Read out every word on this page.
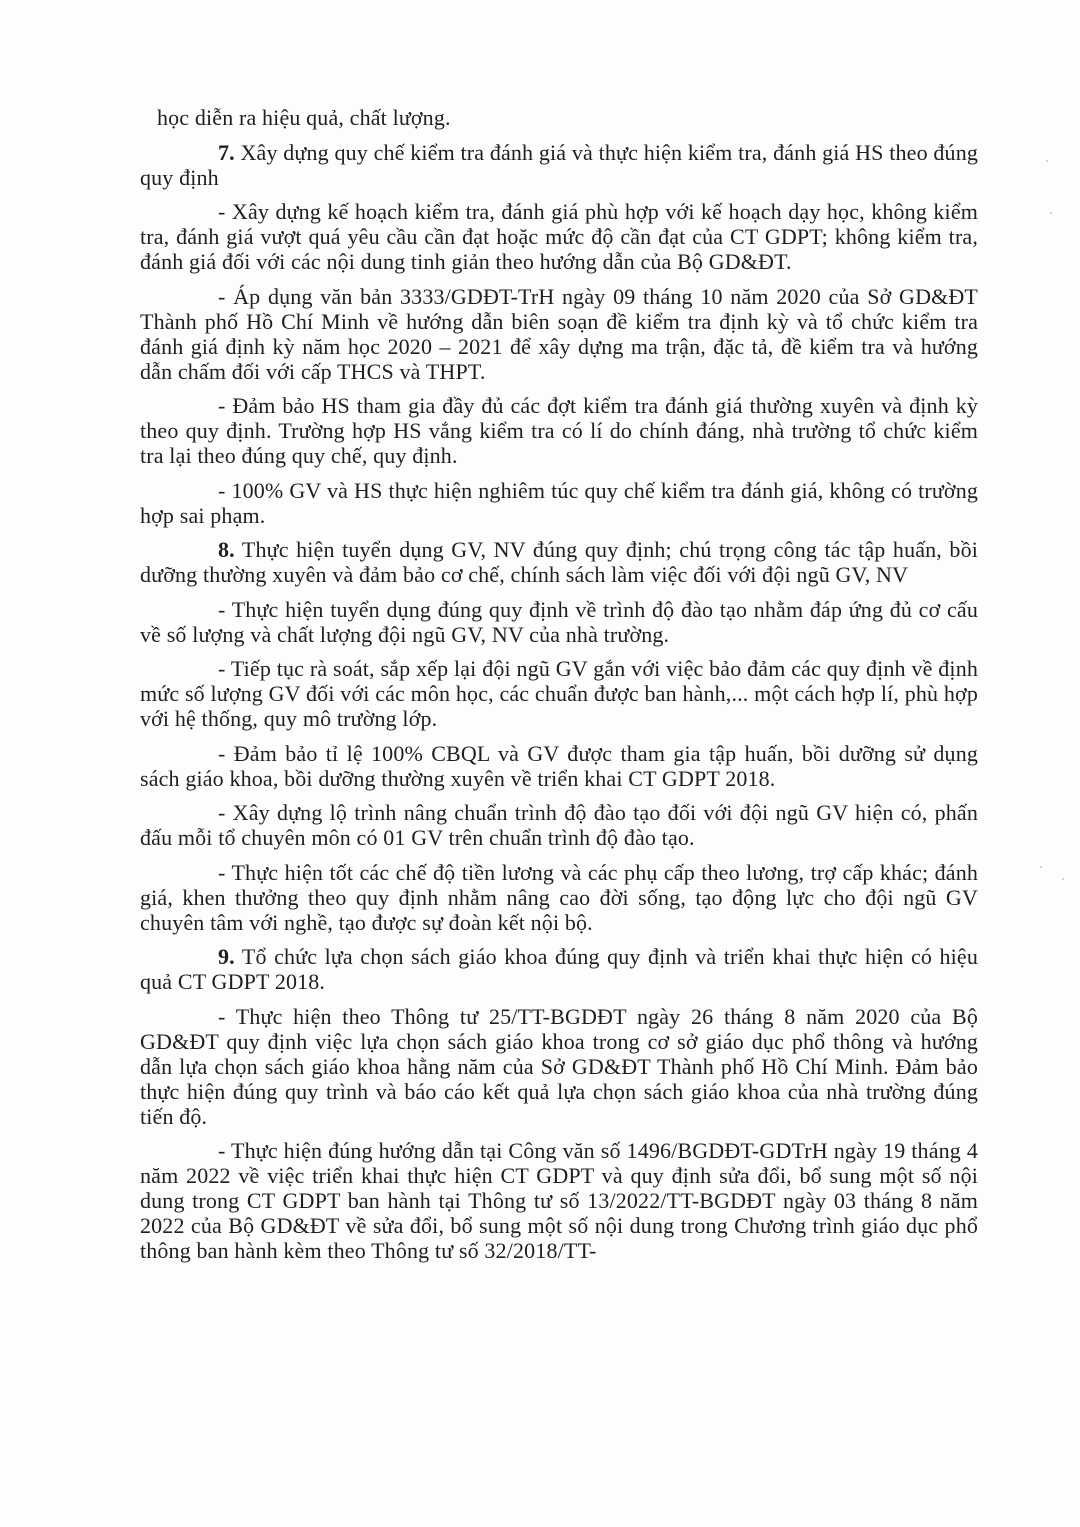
học diễn ra hiệu quả, chất lượng.

7. Xây dựng quy chế kiểm tra đánh giá và thực hiện kiểm tra, đánh giá HS theo đúng quy định

- Xây dựng kế hoạch kiểm tra, đánh giá phù hợp với kế hoạch dạy học, không kiểm tra, đánh giá vượt quá yêu cầu cần đạt hoặc mức độ cần đạt của CT GDPT; không kiểm tra, đánh giá đối với các nội dung tinh giản theo hướng dẫn của Bộ GD&ĐT.

- Áp dụng văn bản 3333/GDĐT-TrH ngày 09 tháng 10 năm 2020 của Sở GD&ĐT Thành phố Hồ Chí Minh về hướng dẫn biên soạn đề kiểm tra định kỳ và tổ chức kiểm tra đánh giá định kỳ năm học 2020 – 2021 để xây dựng ma trận, đặc tả, đề kiểm tra và hướng dẫn chấm đối với cấp THCS và THPT.

- Đảm bảo HS tham gia đầy đủ các đợt kiểm tra đánh giá thường xuyên và định kỳ theo quy định. Trường hợp HS vắng kiểm tra có lí do chính đáng, nhà trường tổ chức kiểm tra lại theo đúng quy chế, quy định.

- 100% GV và HS thực hiện nghiêm túc quy chế kiểm tra đánh giá, không có trường hợp sai phạm.

8. Thực hiện tuyển dụng GV, NV đúng quy định; chú trọng công tác tập huấn, bồi dưỡng thường xuyên và đảm bảo cơ chế, chính sách làm việc đối với đội ngũ GV, NV

- Thực hiện tuyển dụng đúng quy định về trình độ đào tạo nhằm đáp ứng đủ cơ cấu về số lượng và chất lượng đội ngũ GV, NV của nhà trường.

- Tiếp tục rà soát, sắp xếp lại đội ngũ GV gắn với việc bảo đảm các quy định về định mức số lượng GV đối với các môn học, các chuẩn được ban hành,... một cách hợp lí, phù hợp với hệ thống, quy mô trường lớp.

- Đảm bảo tỉ lệ 100% CBQL và GV được tham gia tập huấn, bồi dưỡng sử dụng sách giáo khoa, bồi dưỡng thường xuyên về triển khai CT GDPT 2018.

- Xây dựng lộ trình nâng chuẩn trình độ đào tạo đối với đội ngũ GV hiện có, phấn đấu mỗi tổ chuyên môn có 01 GV trên chuẩn trình độ đào tạo.

- Thực hiện tốt các chế độ tiền lương và các phụ cấp theo lương, trợ cấp khác; đánh giá, khen thưởng theo quy định nhằm nâng cao đời sống, tạo động lực cho đội ngũ GV chuyên tâm với nghề, tạo được sự đoàn kết nội bộ.

9. Tổ chức lựa chọn sách giáo khoa đúng quy định và triển khai thực hiện có hiệu quả CT GDPT 2018.

- Thực hiện theo Thông tư 25/TT-BGDĐT ngày 26 tháng 8 năm 2020 của Bộ GD&ĐT quy định việc lựa chọn sách giáo khoa trong cơ sở giáo dục phổ thông và hướng dẫn lựa chọn sách giáo khoa hằng năm của Sở GD&ĐT Thành phố Hồ Chí Minh. Đảm bảo thực hiện đúng quy trình và báo cáo kết quả lựa chọn sách giáo khoa của nhà trường đúng tiến độ.

- Thực hiện đúng hướng dẫn tại Công văn số 1496/BGDĐT-GDTrH ngày 19 tháng 4 năm 2022 về việc triển khai thực hiện CT GDPT và quy định sửa đổi, bổ sung một số nội dung trong CT GDPT ban hành tại Thông tư số 13/2022/TT-BGDĐT ngày 03 tháng 8 năm 2022 của Bộ GD&ĐT về sửa đổi, bổ sung một số nội dung trong Chương trình giáo dục phổ thông ban hành kèm theo Thông tư số 32/2018/TT-
